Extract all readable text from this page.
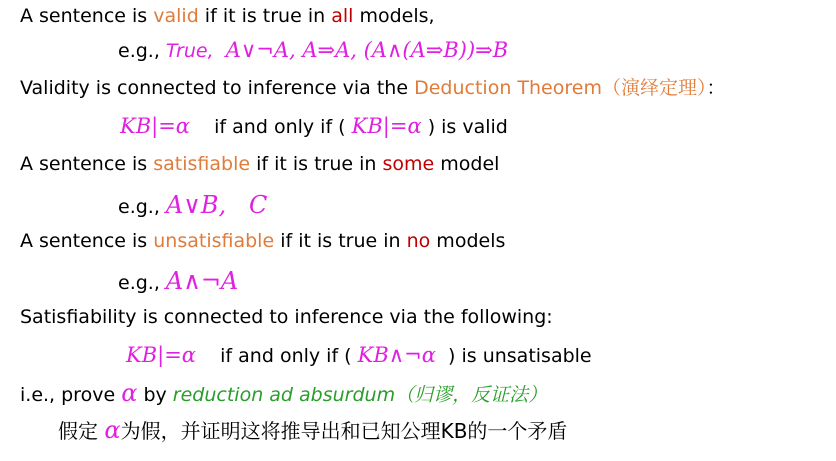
A sentence is valid if it is true in all models,
e.g., True, A∨¬A, A⇒A, (A∧(A⇒B))⇒B
Validity is connected to inference via the Deduction Theorem（演绎定理）：
KB|=α if and only if ( KB|=α ) is valid
A sentence is satisfiable if it is true in some model
e.g., A∨B,   C
A sentence is unsatisfiable if it is true in no models
e.g., A∧¬A
Satisfiability is connected to inference via the following:
KB|=α if and only if ( KB∧¬α ) is unsatisable
i.e., prove α by reduction ad absurdum（归谬，反证法）
假定 α为假，并证明这将推导出和已知公理KB的一个矛盾
